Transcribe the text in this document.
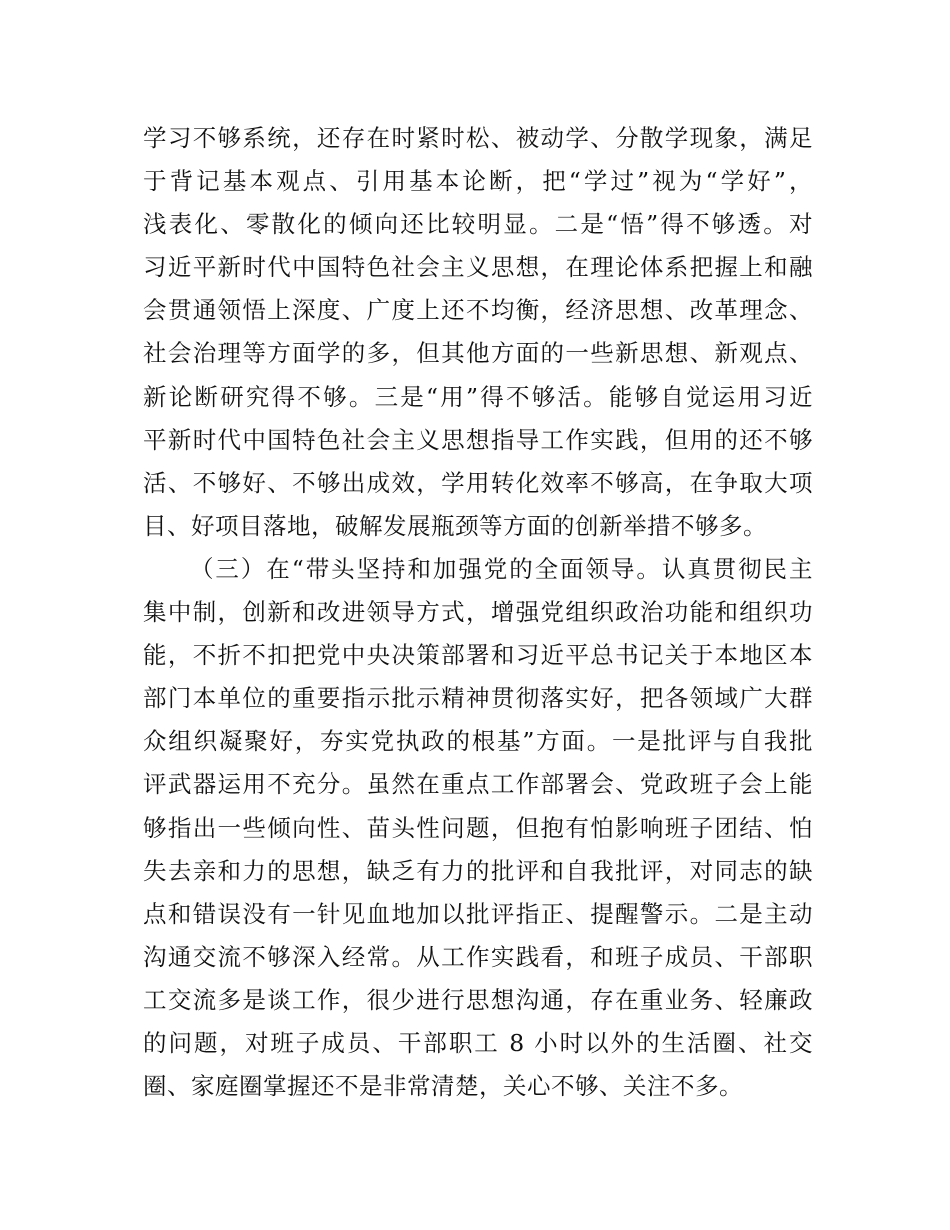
学习不够系统，还存在时紧时松、被动学、分散学现象，满足
于背记基本观点、引用基本论断，把“学过”视为“学好”，
浅表化、零散化的倾向还比较明显。二是“悟”得不够透。对
习近平新时代中国特色社会主义思想，在理论体系把握上和融
会贯通领悟上深度、广度上还不均衡，经济思想、改革理念、
社会治理等方面学的多，但其他方面的一些新思想、新观点、
新论断研究得不够。三是“用”得不够活。能够自觉运用习近
平新时代中国特色社会主义思想指导工作实践，但用的还不够
活、不够好、不够出成效，学用转化效率不够高，在争取大项
目、好项目落地，破解发展瓶颈等方面的创新举措不够多。
（三）在“带头坚持和加强党的全面领导。认真贯彻民主
集中制，创新和改进领导方式，增强党组织政治功能和组织功
能，不折不扣把党中央决策部署和习近平总书记关于本地区本
部门本单位的重要指示批示精神贯彻落实好，把各领域广大群
众组织凝聚好，夯实党执政的根基”方面。一是批评与自我批
评武器运用不充分。虽然在重点工作部署会、党政班子会上能
够指出一些倾向性、苗头性问题，但抱有怕影响班子团结、怕
失去亲和力的思想，缺乏有力的批评和自我批评，对同志的缺
点和错误没有一针见血地加以批评指正、提醒警示。二是主动
沟通交流不够深入经常。从工作实践看，和班子成员、干部职
工交流多是谈工作，很少进行思想沟通，存在重业务、轻廉政
的问题，对班子成员、干部职工 8 小时以外的生活圈、社交
圈、家庭圈掌握还不是非常清楚，关心不够、关注不多。
